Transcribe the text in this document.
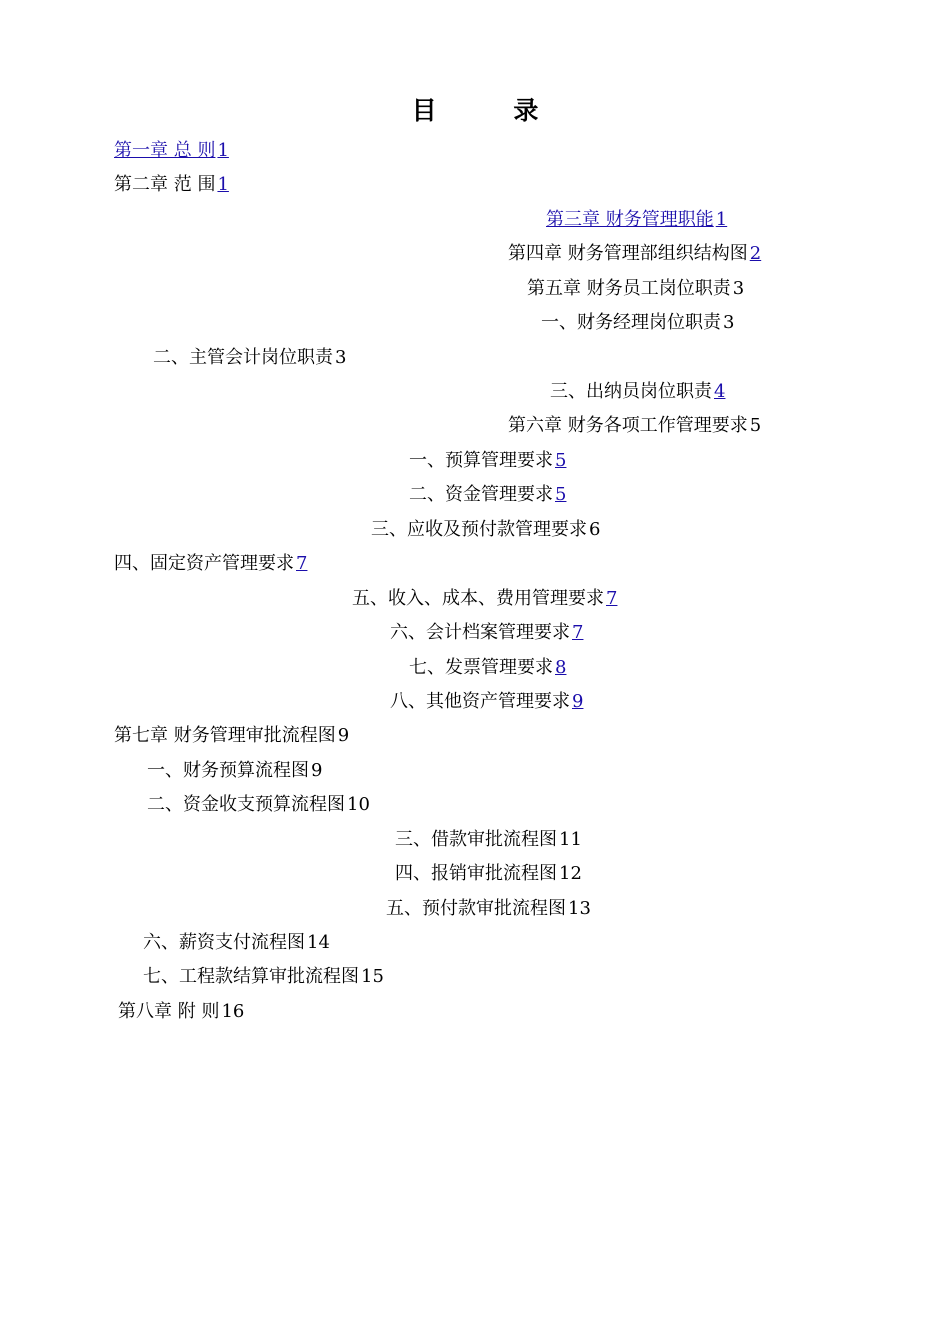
目 录
第一章 总 则 1
第二章 范 围 1
第三章 财务管理职能 1
第四章 财务管理部组织结构图 2
第五章 财务员工岗位职责 3
一、财务经理岗位职责 3
二、主管会计岗位职责 3
三、出纳员岗位职责 4
第六章 财务各项工作管理要求 5
一、预算管理要求 5
二、资金管理要求 5
三、应收及预付款管理要求 6
四、固定资产管理要求 7
五、收入、成本、费用管理要求 7
六、会计档案管理要求 7
七、发票管理要求 8
八、其他资产管理要求 9
第七章 财务管理审批流程图 9
一、财务预算流程图 9
二、资金收支预算流程图 10
三、借款审批流程图 11
四、报销审批流程图 12
五、预付款审批流程图 13
六、薪资支付流程图 14
七、工程款结算审批流程图 15
第八章 附 则 16
